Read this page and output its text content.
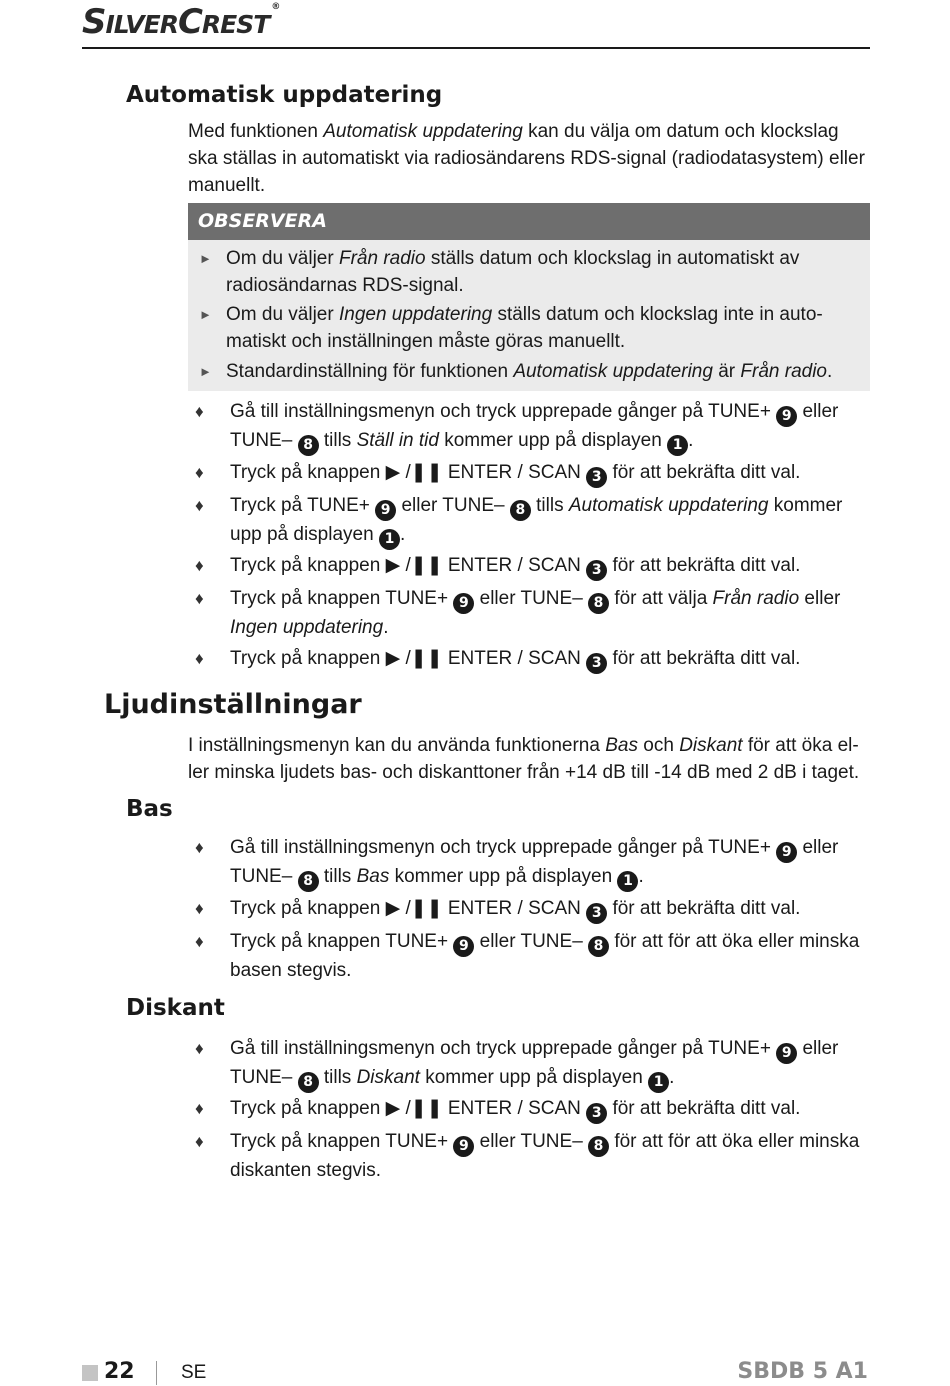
SILVERCREST®
Automatisk uppdatering

Med funktionen Automatisk uppdatering kan du välja om datum och klockslag ska ställas in automatiskt via radiosändarens RDS-signal (radiodatasystem) eller manuellt.

OBSERVERA
► Om du väljer Från radio ställs datum och klockslag in automatiskt av radiosändarnas RDS-signal.
► Om du väljer Ingen uppdatering ställs datum och klockslag inte in auto-matiskt och inställningen måste göras manuellt.
► Standardinställning för funktionen Automatisk uppdatering är Från radio.
♦ Gå till inställningsmenyn och tryck upprepade gånger på TUNE+ 9 eller TUNE– 8 tills Ställ in tid kommer upp på displayen 1 .
♦ Tryck på knappen ▶ /❚❚ ENTER / SCAN 3 för att bekräfta ditt val.
♦ Tryck på TUNE+ 9 eller TUNE– 8 tills Automatisk uppdatering kommer upp på displayen 1 .
♦ Tryck på knappen ▶ /❚❚ ENTER / SCAN 3 för att bekräfta ditt val.
♦ Tryck på knappen TUNE+ 9 eller TUNE– 8 för att välja Från radio eller Ingen uppdatering.
♦ Tryck på knappen ▶ /❚❚ ENTER / SCAN 3 för att bekräfta ditt val.
Ljudinställningar

I inställningsmenyn kan du använda funktionerna Bas och Diskant för att öka el-ler minska ljudets bas- och diskanttoner från +14 dB till -14 dB med 2 dB i taget.

Bas
♦ Gå till inställningsmenyn och tryck upprepade gånger på TUNE+ 9 eller TUNE– 8 tills Bas kommer upp på displayen 1 .
♦ Tryck på knappen ▶ /❚❚ ENTER / SCAN 3 för att bekräfta ditt val.
♦ Tryck på knappen TUNE+ 9 eller TUNE– 8 för att för att öka eller minska basen stegvis.
Diskant
♦ Gå till inställningsmenyn och tryck upprepade gånger på TUNE+ 9 eller TUNE– 8 tills Diskant kommer upp på displayen 1 .
♦ Tryck på knappen ▶ /❚❚ ENTER / SCAN 3 för att bekräfta ditt val.
♦ Tryck på knappen TUNE+ 9 eller TUNE– 8 för att för att öka eller minska diskanten stegvis.
22 SE	SBDB 5 A1
